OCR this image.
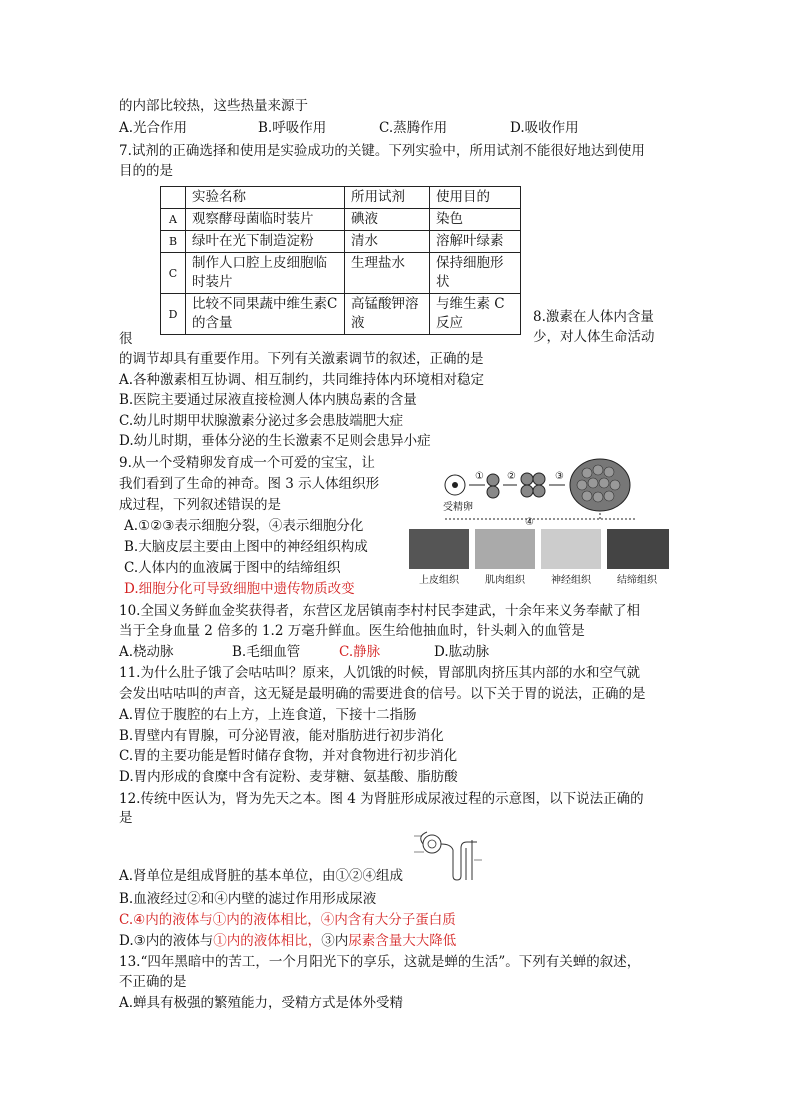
的内部比较热，这些热量来源于
A.光合作用	B.呼吸作用	C.蒸腾作用	D.吸收作用
7.试剂的正确选择和使用是实验成功的关键。下列实验中，所用试剂不能很好地达到使用
目的的是
	实验名称	所用试剂	使用目的
A	观察酵母菌临时装片	碘液	染色
B	绿叶在光下制造淀粉	清水	溶解叶绿素
C	制作人口腔上皮细胞临时装片	生理盐水	保持细胞形状
D	比较不同果蔬中维生素C的含量	高锰酸钾溶液	与维生素 C 反应	8.激素在人体内含量
少，对人体生命活动
很
的调节却具有重要作用。下列有关激素调节的叙述，正确的是
A.各种激素相互协调、相互制约，共同维持体内环境相对稳定
B.医院主要通过尿液直接检测人体内胰岛素的含量
C.幼儿时期甲状腺激素分泌过多会患肢端肥大症
D.幼儿时期，垂体分泌的生长激素不足则会患异小症
9.从一个受精卵发育成一个可爱的宝宝，让
我们看到了生命的神奇。图 3 示人体组织形
成过程，下列叙述错误的是
A.①②③表示细胞分裂，④表示细胞分化
B.大脑皮层主要由上图中的神经组织构成
C.人体内的血液属于图中的结缔组织
D.细胞分化可导致细胞中遗传物质改变
受精卵
① ②	③
④
上皮组织	肌肉组织	神经组织	结缔组织
10.全国义务鲜血金奖获得者，东营区龙居镇南李村村民李建武，十余年来义务奉献了相
当于全身血量 2 倍多的 1.2 万毫升鲜血。医生给他抽血时，针头刺入的血管是
A.桡动脉	B.毛细血管	C.静脉	D.肱动脉
11.为什么肚子饿了会咕咕叫？原来，人饥饿的时候，胃部肌肉挤压其内部的水和空气就
会发出咕咕叫的声音，这无疑是最明确的需要进食的信号。以下关于胃的说法，正确的是
A.胃位于腹腔的右上方，上连食道，下接十二指肠
B.胃壁内有胃腺，可分泌胃液，能对脂肪进行初步消化
C.胃的主要功能是暂时储存食物，并对食物进行初步消化
D.胃内形成的食糜中含有淀粉、麦芽糖、氨基酸、脂肪酸
12.传统中医认为，肾为先天之本。图 4 为肾脏形成尿液过程的示意图，以下说法正确的
是
A.肾单位是组成肾脏的基本单位，由①②④组成
B.血液经过②和④内壁的滤过作用形成尿液
C.④内的液体与①内的液体相比，④内含有大分子蛋白质
D.③内的液体与①内的液体相比，③内尿素含量大大降低
13.“四年黑暗中的苦工，一个月阳光下的享乐，这就是蝉的生活”。下列有关蝉的叙述，
不正确的是
A.蝉具有极强的繁殖能力，受精方式是体外受精
